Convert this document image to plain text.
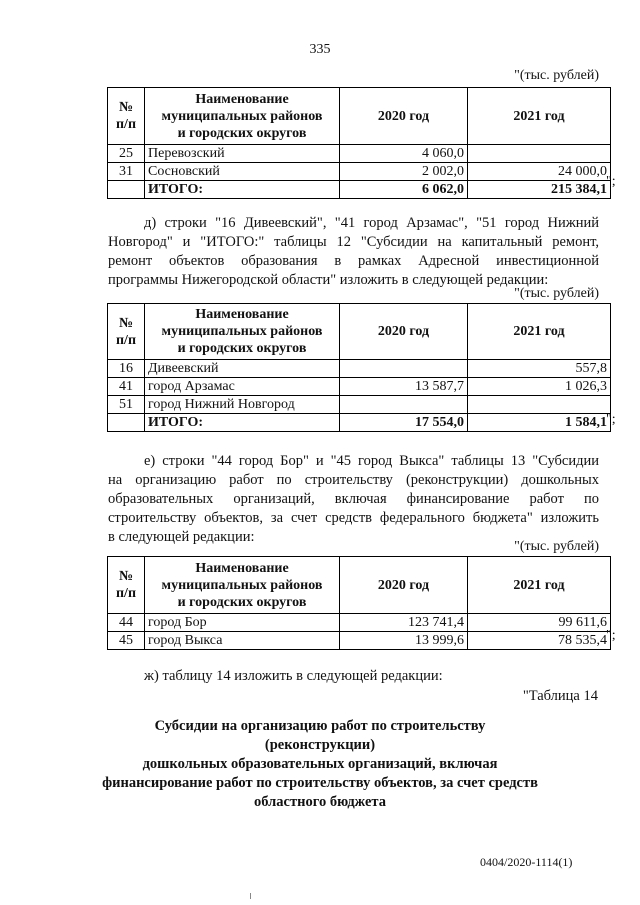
335
"(тыс. рублей)
№
п/п	Наименование
муниципальных районов
и городских округов	2020 год	2021 год
25	Перевозский	4 060,0	
31	Сосновский	2 002,0	24 000,0
	ИТОГО:	6 062,0	215 384,1
";
д) строки "16 Дивеевский", "41 город Арзамас", "51 город Нижний
Новгород" и "ИТОГО:" таблицы 12 "Субсидии на капитальный ремонт,
ремонт объектов образования в рамках Адресной инвестиционной
программы Нижегородской области" изложить в следующей редакции:
"(тыс. рублей)
№
п/п	Наименование
муниципальных районов
и городских округов	2020 год	2021 год
16	Дивеевский		557,8
41	город Арзамас	13 587,7	1 026,3
51	город Нижний Новгород		
	ИТОГО:	17 554,0	1 584,1 ";
е) строки "44 город Бор" и "45 город Выкса" таблицы 13 "Субсидии
на организацию работ по строительству (реконструкции) дошкольных
образовательных организаций, включая финансирование работ по
строительству объектов, за счет средств федерального бюджета" изложить
в следующей редакции:
"(тыс. рублей)
№
п/п	Наименование
муниципальных районов
и городских округов	2020 год	2021 год
44	город Бор	123 741,4	99 611,6
45	город Выкса	13 999,6	78 535,4 ";
ж) таблицу 14 изложить в следующей редакции:
"Таблица 14
Субсидии на организацию работ по строительству (реконструкции)
дошкольных образовательных организаций, включая
финансирование работ по строительству объектов, за счет средств
областного бюджета
0404/2020-1114(1)
